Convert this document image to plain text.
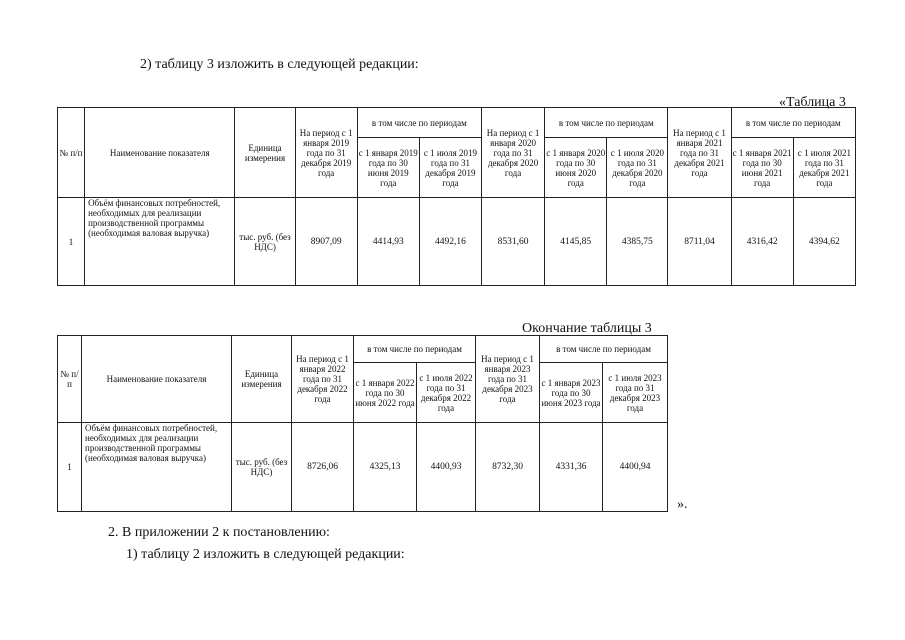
2) таблицу 3 изложить в следующей редакции:
«Таблица 3
№ п/п	Наименование показателя	Единица измерения	На период с 1 января 2019 года по 31 декабря 2019 года	в том числе по периодам		На период с 1 января 2020 года по 31 декабря 2020 года	в том числе по периодам		На период с 1 января 2021 года по 31 декабря 2021 года	в том числе по периодам	
				с 1 января 2019 года по 30 июня 2019 года	с 1 июля 2019 года по 31 декабря 2019 года		с 1 января 2020 года по 30 июня 2020 года	с 1 июля 2020 года по 31 декабря 2020 года		с 1 января 2021 года по 30 июня 2021 года	с 1 июля 2021 года по 31 декабря 2021 года
1	Объём финансовых потребностей, необходимых для реализации производственной программы (необходимая валовая выручка)	тыс. руб. (без НДС)	8907,09	4414,93	4492,16	8531,60	4145,85	4385,75	8711,04	4316,42	4394,62
Окончание таблицы 3
№ п/п	Наименование показателя	Единица измерения	На период с 1 января 2022 года по 31 декабря 2022 года	в том числе по периодам		На период с 1 января 2023 года по 31 декабря 2023 года	в том числе по периодам	
				с 1 января 2022 года по 30 июня 2022 года	с 1 июля 2022 года по 31 декабря 2022 года		с 1 января 2023 года по 30 июня 2023 года	с 1 июля 2023 года по 31 декабря 2023 года
1	Объём финансовых потребностей, необходимых для реализации производственной программы (необходимая валовая выручка)	тыс. руб. (без НДС)	8726,06	4325,13	4400,93	8732,30	4331,36	4400,94
».
2. В приложении 2 к постановлению:
1) таблицу 2 изложить в следующей редакции:
